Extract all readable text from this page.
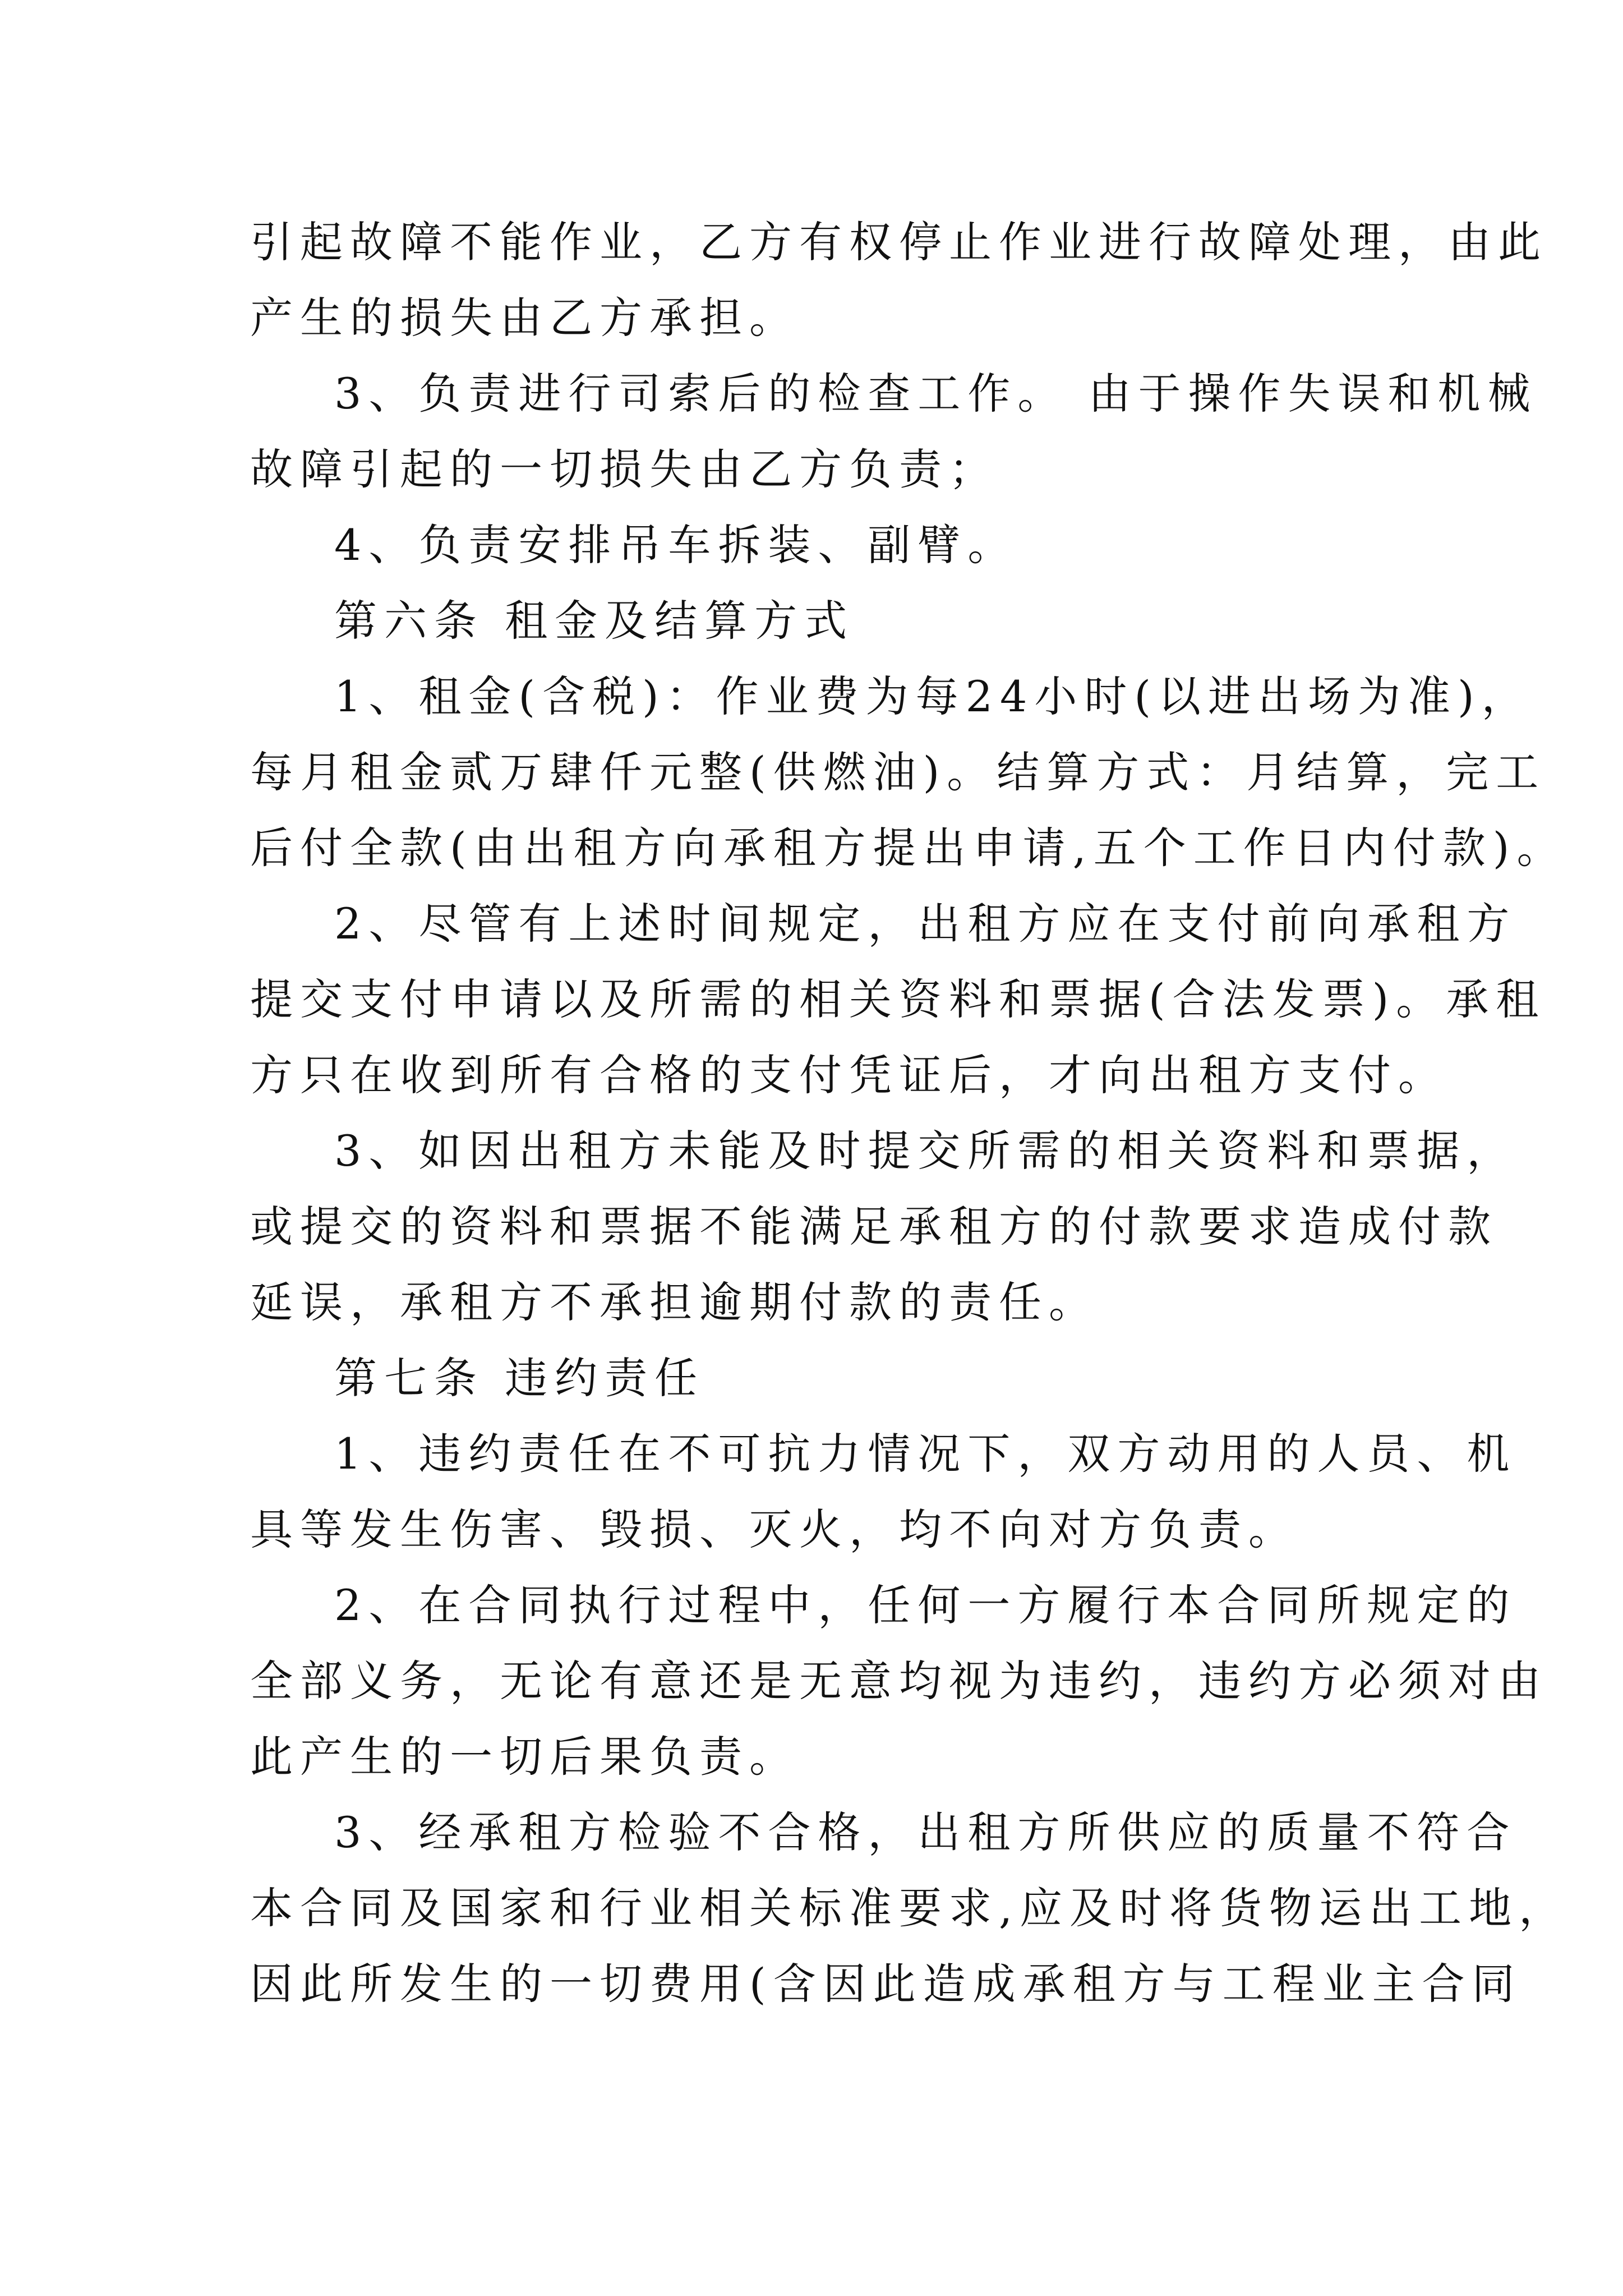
引起故障不能作业，乙方有权停止作业进行故障处理，由此
产生的损失由乙方承担。
3、负责进行司索后的检查工作。 由于操作失误和机械
故障引起的一切损失由乙方负责；
4、负责安排吊车拆装、副臂。
第六条 租金及结算方式
1、租金(含税)：作业费为每24小时(以进出场为准)，
每月租金贰万肆仟元整(供燃油)。结算方式：月结算，完工
后付全款(由出租方向承租方提出申请,五个工作日内付款)。
2、尽管有上述时间规定，出租方应在支付前向承租方
提交支付申请以及所需的相关资料和票据(合法发票)。承租
方只在收到所有合格的支付凭证后，才向出租方支付。
3、如因出租方未能及时提交所需的相关资料和票据，
或提交的资料和票据不能满足承租方的付款要求造成付款
延误，承租方不承担逾期付款的责任。
第七条 违约责任
1、违约责任在不可抗力情况下，双方动用的人员、机
具等发生伤害、毁损、灭火，均不向对方负责。
2、在合同执行过程中，任何一方履行本合同所规定的
全部义务，无论有意还是无意均视为违约，违约方必须对由
此产生的一切后果负责。
3、经承租方检验不合格，出租方所供应的质量不符合
本合同及国家和行业相关标准要求,应及时将货物运出工地，
因此所发生的一切费用(含因此造成承租方与工程业主合同
